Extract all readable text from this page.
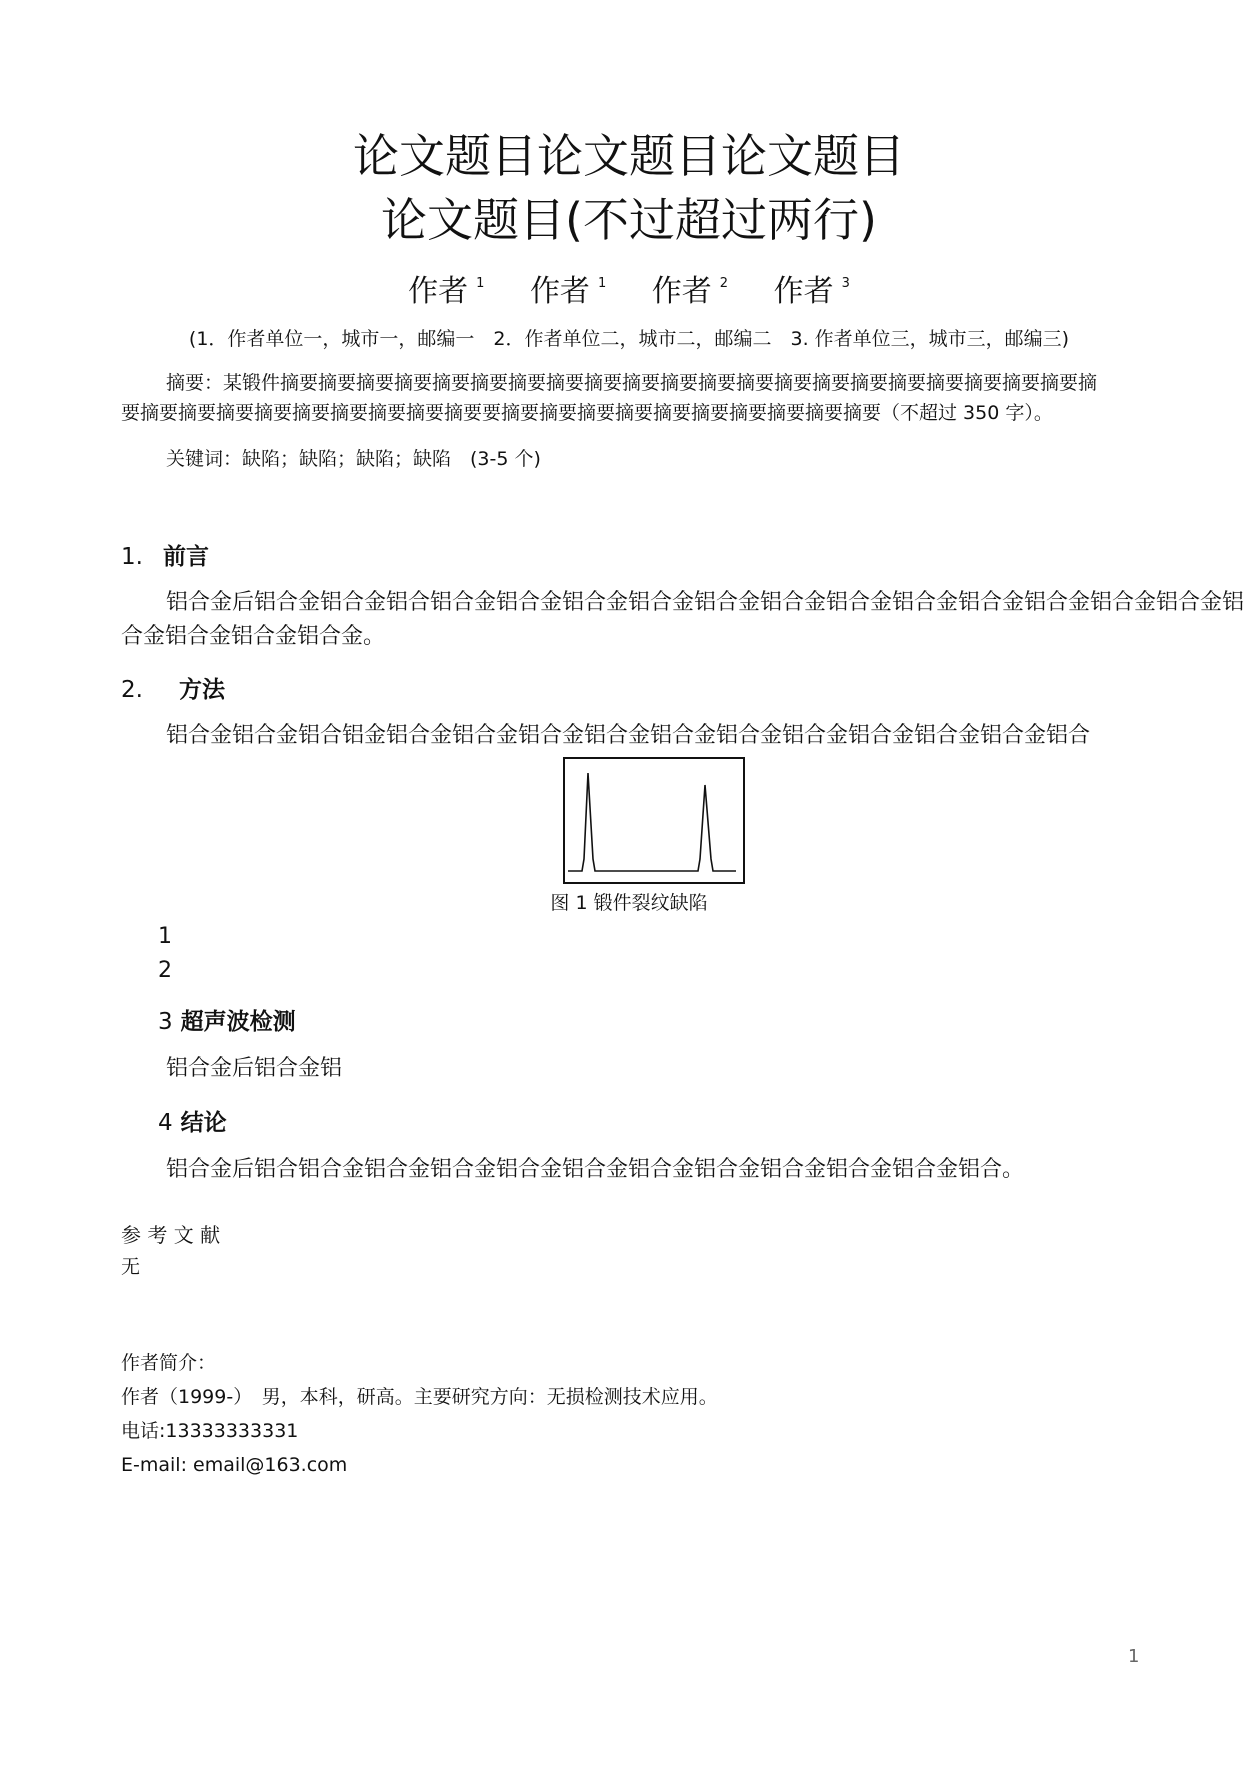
论文题目论文题目论文题目
论文题目(不过超过两行)
作者 $^1$ 作者 $^1$ 作者 $^2$ 作者 $^3$
(1．作者单位一，城市一，邮编一　2．作者单位二，城市二，邮编二　3. 作者单位三，城市三，邮编三)
摘要：某锻件摘要摘要摘要摘要摘要摘要摘要摘要摘要摘要摘要摘要摘要摘要摘要摘要摘要摘要摘要摘要摘要摘
要摘要摘要摘要摘要摘要摘要摘要摘要摘要要摘要摘要摘要摘要摘要摘要摘要摘要摘要摘要（不超过 350 字）。
关键词：缺陷；缺陷；缺陷；缺陷　(3-5 个)
1. 前言
铝合金后铝合金铝合金铝合铝合金铝合金铝合金铝合金铝合金铝合金铝合金铝合金铝合金铝合金铝合金铝合金铝
合金铝合金铝合金铝合金。
2. 方法
铝合金铝合金铝合铝金铝合金铝合金铝合金铝合金铝合金铝合金铝合金铝合金铝合金铝合金铝合
图 1 锻件裂纹缺陷
1
2
3 超声波检测
铝合金后铝合金铝
4 结论
铝合金后铝合铝合金铝合金铝合金铝合金铝合金铝合金铝合金铝合金铝合金铝合金铝合。
参 考 文 献
无
作者简介：
作者（1999-）　男，本科，研高。主要研究方向：无损检测技术应用。
电话:13333333331
E-mail: email@163.com
1
